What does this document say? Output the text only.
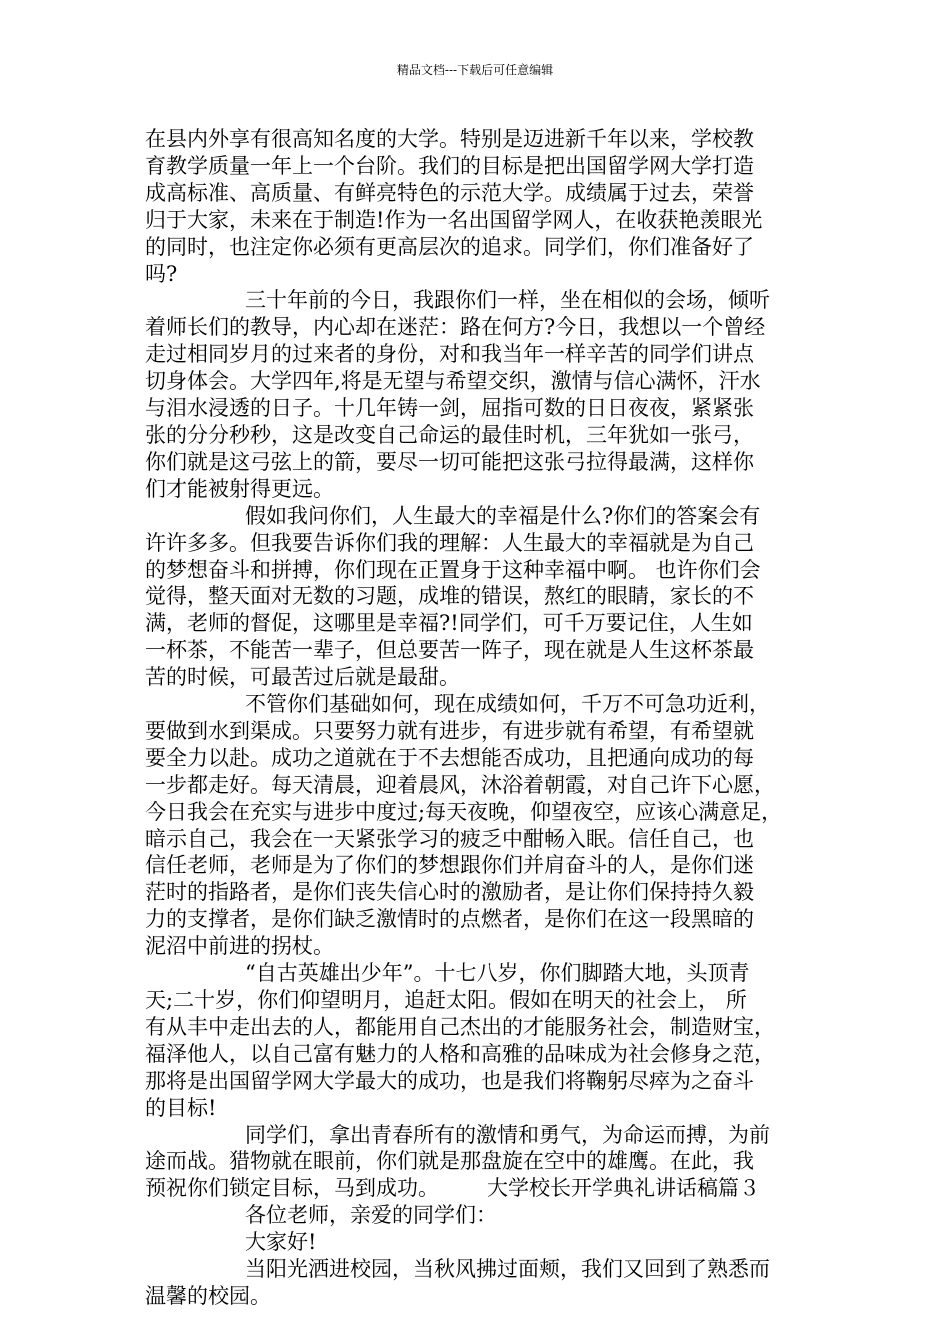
精品文档---下载后可任意编辑
在县内外享有很高知名度的大学。特别是迈进新千年以来，学校教
育教学质量一年上一个台阶。我们的目标是把出国留学网大学打造
成高标准、高质量、有鲜亮特色的示范大学。成绩属于过去，荣誉
归于大家，未来在于制造!作为一名出国留学网人，在收获艳羡眼光
的同时，也注定你必须有更高层次的追求。同学们，你们准备好了
吗?
三十年前的今日，我跟你们一样，坐在相似的会场，倾听
着师长们的教导，内心却在迷茫：路在何方?今日，我想以一个曾经
走过相同岁月的过来者的身份，对和我当年一样辛苦的同学们讲点
切身体会。大学四年,将是无望与希望交织，激情与信心满怀，汗水
与泪水浸透的日子。十几年铸一剑，屈指可数的日日夜夜，紧紧张
张的分分秒秒，这是改变自己命运的最佳时机，三年犹如一张弓，
你们就是这弓弦上的箭，要尽一切可能把这张弓拉得最满，这样你
们才能被射得更远。
假如我问你们，人生最大的幸福是什么?你们的答案会有
许许多多。但我要告诉你们我的理解：人生最大的幸福就是为自己
的梦想奋斗和拼搏，你们现在正置身于这种幸福中啊。 也许你们会
觉得，整天面对无数的习题，成堆的错误，熬红的眼睛，家长的不
满，老师的督促，这哪里是幸福?!同学们，可千万要记住，人生如
一杯茶，不能苦一辈子，但总要苦一阵子，现在就是人生这杯茶最
苦的时候，可最苦过后就是最甜。
不管你们基础如何，现在成绩如何，千万不可急功近利，
要做到水到渠成。只要努力就有进步，有进步就有希望，有希望就
要全力以赴。成功之道就在于不去想能否成功，且把通向成功的每
一步都走好。每天清晨，迎着晨风，沐浴着朝霞，对自己许下心愿，
今日我会在充实与进步中度过;每天夜晚，仰望夜空，应该心满意足，
暗示自己，我会在一天紧张学习的疲乏中酣畅入眠。信任自己，也
信任老师，老师是为了你们的梦想跟你们并肩奋斗的人，是你们迷
茫时的指路者，是你们丧失信心时的激励者，是让你们保持持久毅
力的支撑者，是你们缺乏激情时的点燃者，是你们在这一段黑暗的
泥沼中前进的拐杖。
“自古英雄出少年”。十七八岁，你们脚踏大地，头顶青
天;二十岁，你们仰望明月，追赶太阳。假如在明天的社会上， 所
有从丰中走出去的人，都能用自己杰出的才能服务社会，制造财宝，
福泽他人，以自己富有魅力的人格和高雅的品味成为社会修身之范，
那将是出国留学网大学最大的成功，也是我们将鞠躬尽瘁为之奋斗
的目标!
同学们，拿出青春所有的激情和勇气，为命运而搏，为前
途而战。猎物就在眼前，你们就是那盘旋在空中的雄鹰。在此，我
预祝你们锁定目标，马到成功。 大学校长开学典礼讲话稿篇３
各位老师，亲爱的同学们：
大家好!
当阳光洒进校园，当秋风拂过面颊，我们又回到了熟悉而
温馨的校园。
